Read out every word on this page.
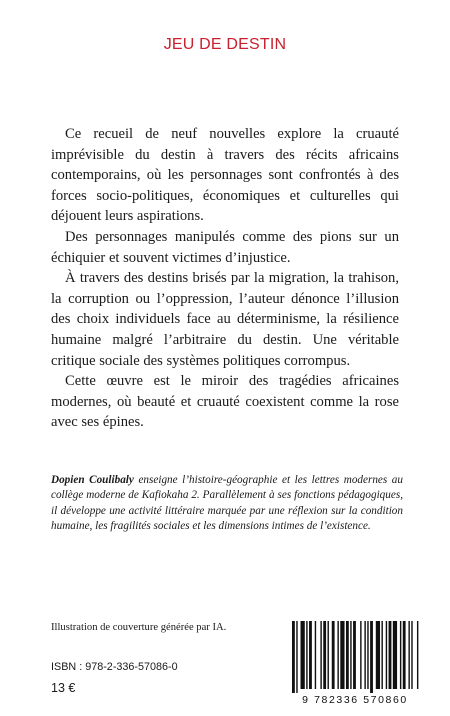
JEU DE DESTIN

Ce recueil de neuf nouvelles explore la cruauté imprévisible du destin à travers des récits africains contemporains, où les personnages sont confrontés à des forces socio-politiques, économiques et culturelles qui déjouent leurs aspirations.

Des personnages manipulés comme des pions sur un échiquier et souvent victimes d’injustice.

À travers des destins brisés par la migration, la trahison, la corruption ou l’oppression, l’auteur dénonce l’illusion des choix individuels face au déterminisme, la résilience humaine malgré l’arbitraire du destin. Une véritable critique sociale des systèmes politiques corrompus.

Cette œuvre est le miroir des tragédies africaines modernes, où beauté et cruauté coexistent comme la rose avec ses épines.

Dopien Coulibaly enseigne l’histoire-géographie et les lettres modernes au collège moderne de Kafiokaha 2. Parallèlement à ses fonctions pédagogiques, il développe une activité littéraire marquée par une réflexion sur la condition humaine, les fragilités sociales et les dimensions intimes de l’existence.
Illustration de couverture générée par IA.
ISBN : 978-2-336-57086-0
13 €
9 782336 570860
